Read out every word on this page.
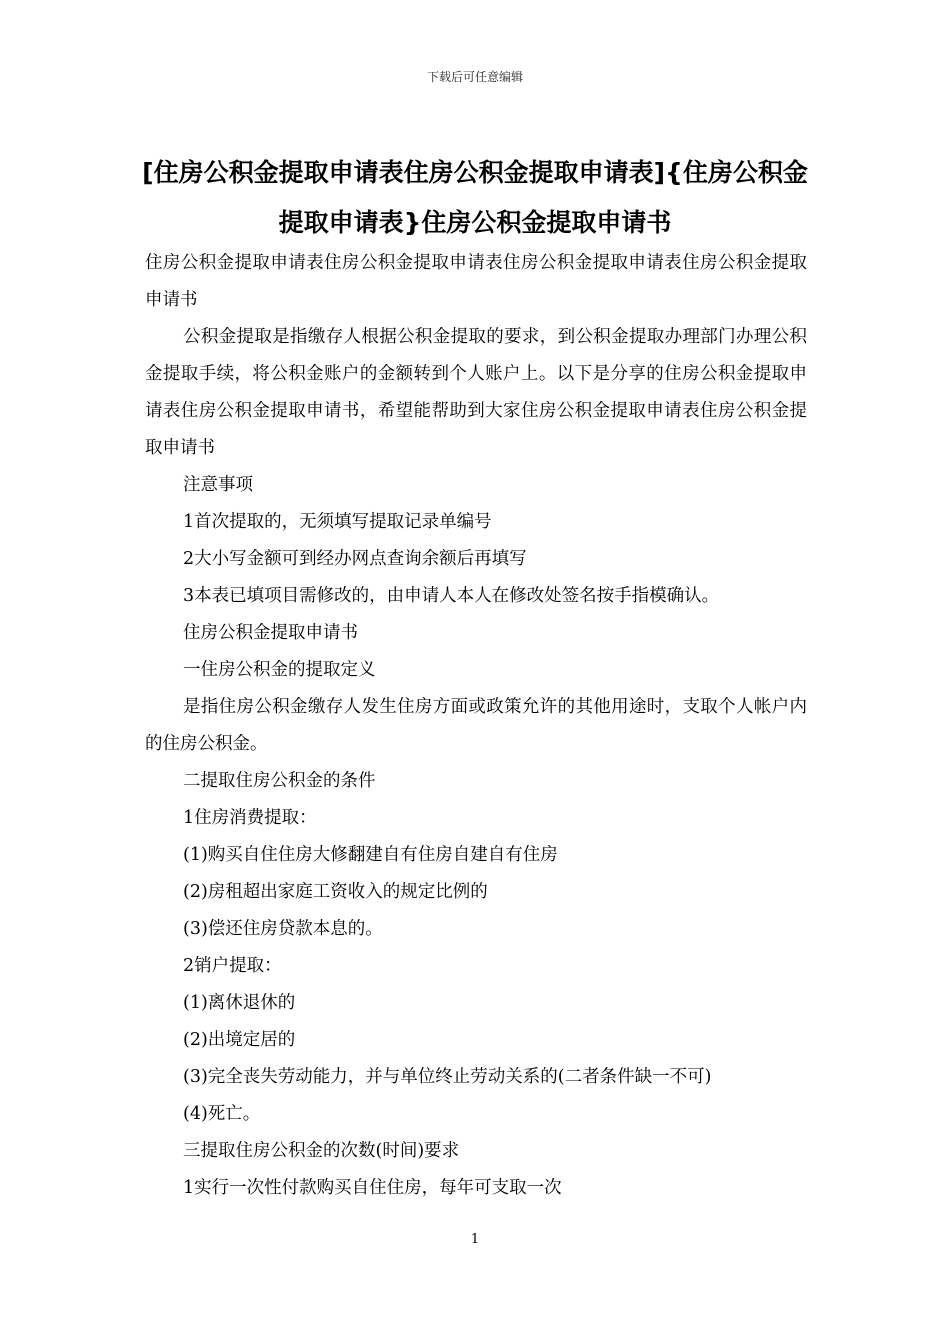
下载后可任意编辑
[住房公积金提取申请表住房公积金提取申请表]{住房公积金提取申请表}住房公积金提取申请书

住房公积金提取申请表住房公积金提取申请表住房公积金提取申请表住房公积金提取申请书

公积金提取是指缴存人根据公积金提取的要求，到公积金提取办理部门办理公积金提取手续，将公积金账户的金额转到个人账户上。以下是分享的住房公积金提取申请表住房公积金提取申请书，希望能帮助到大家住房公积金提取申请表住房公积金提取申请书

注意事项

1首次提取的，无须填写提取记录单编号

2大小写金额可到经办网点查询余额后再填写

3本表已填项目需修改的，由申请人本人在修改处签名按手指模确认。

住房公积金提取申请书

一住房公积金的提取定义

是指住房公积金缴存人发生住房方面或政策允许的其他用途时，支取个人帐户内的住房公积金。

二提取住房公积金的条件

1住房消费提取：

(1)购买自住住房大修翻建自有住房自建自有住房

(2)房租超出家庭工资收入的规定比例的

(3)偿还住房贷款本息的。

2销户提取：

(1)离休退休的

(2)出境定居的

(3)完全丧失劳动能力，并与单位终止劳动关系的(二者条件缺一不可)

(4)死亡。

三提取住房公积金的次数(时间)要求

1实行一次性付款购买自住住房，每年可支取一次

1
